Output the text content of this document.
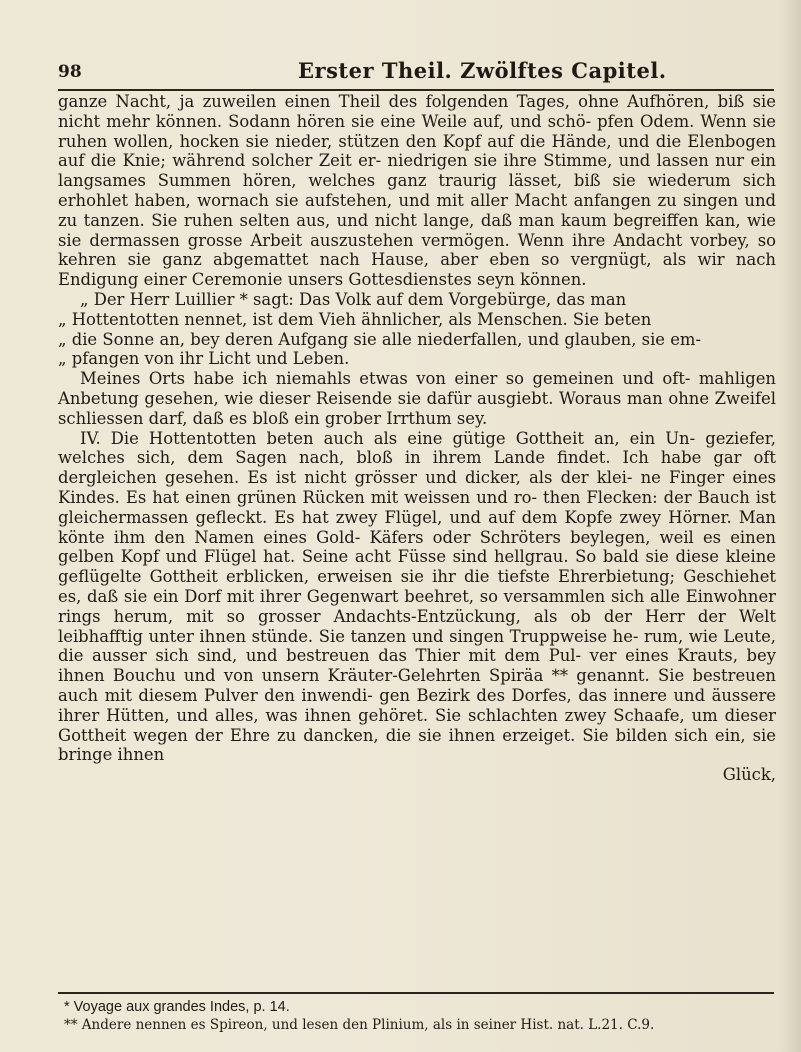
98	Erster Theil. Zwölftes Capitel.

ganze Nacht, ja zuweilen einen Theil des folgenden Tages, ohne Aufhören, biß sie nicht mehr können. Sodann hören sie eine Weile auf, und schö- pfen Odem. Wenn sie ruhen wollen, hocken sie nieder, stützen den Kopf auf die Hände, und die Elenbogen auf die Knie; während solcher Zeit er- niedrigen sie ihre Stimme, und lassen nur ein langsames Summen hören, welches ganz traurig lässet, biß sie wiederum sich erhohlet haben, wornach sie aufstehen, und mit aller Macht anfangen zu singen und zu tanzen. Sie ruhen selten aus, und nicht lange, daß man kaum begreiffen kan, wie sie dermassen grosse Arbeit auszustehen vermögen. Wenn ihre Andacht vorbey, so kehren sie ganz abgemattet nach Hause, aber eben so vergnügt, als wir nach Endigung einer Ceremonie unsers Gottesdienstes seyn können.

„ Der Herr Luillier * sagt: Das Volk auf dem Vorgebürge, das man

„ Hottentotten nennet, ist dem Vieh ähnlicher, als Menschen. Sie beten

„ die Sonne an, bey deren Aufgang sie alle niederfallen, und glauben, sie em-

„ pfangen von ihr Licht und Leben.

Meines Orts habe ich niemahls etwas von einer so gemeinen und oft- mahligen Anbetung gesehen, wie dieser Reisende sie dafür ausgiebt. Woraus man ohne Zweifel schliessen darf, daß es bloß ein grober Irrthum sey.

IV. Die Hottentotten beten auch als eine gütige Gottheit an, ein Un- geziefer, welches sich, dem Sagen nach, bloß in ihrem Lande findet. Ich habe gar oft dergleichen gesehen. Es ist nicht grösser und dicker, als der klei- ne Finger eines Kindes. Es hat einen grünen Rücken mit weissen und ro- then Flecken: der Bauch ist gleichermassen gefleckt. Es hat zwey Flügel, und auf dem Kopfe zwey Hörner. Man könte ihm den Namen eines Gold- Käfers oder Schröters beylegen, weil es einen gelben Kopf und Flügel hat. Seine acht Füsse sind hellgrau. So bald sie diese kleine geflügelte Gottheit erblicken, erweisen sie ihr die tiefste Ehrerbietung; Geschiehet es, daß sie ein Dorf mit ihrer Gegenwart beehret, so versammlen sich alle Einwohner rings herum, mit so grosser Andachts-Entzückung, als ob der Herr der Welt leibhafftig unter ihnen stünde. Sie tanzen und singen Truppweise he- rum, wie Leute, die ausser sich sind, und bestreuen das Thier mit dem Pul- ver eines Krauts, bey ihnen Bouchu und von unsern Kräuter-Gelehrten Spiräa ** genannt. Sie bestreuen auch mit diesem Pulver den inwendi- gen Bezirk des Dorfes, das innere und äussere ihrer Hütten, und alles, was ihnen gehöret. Sie schlachten zwey Schaafe, um dieser Gottheit wegen der Ehre zu dancken, die sie ihnen erzeiget. Sie bilden sich ein, sie bringe ihnen

Glück,

* Voyage aux grandes Indes, p. 14.
** Andere nennen es Spireon, und lesen den Plinium, als in seiner Hist. nat. L.21. C.9.
